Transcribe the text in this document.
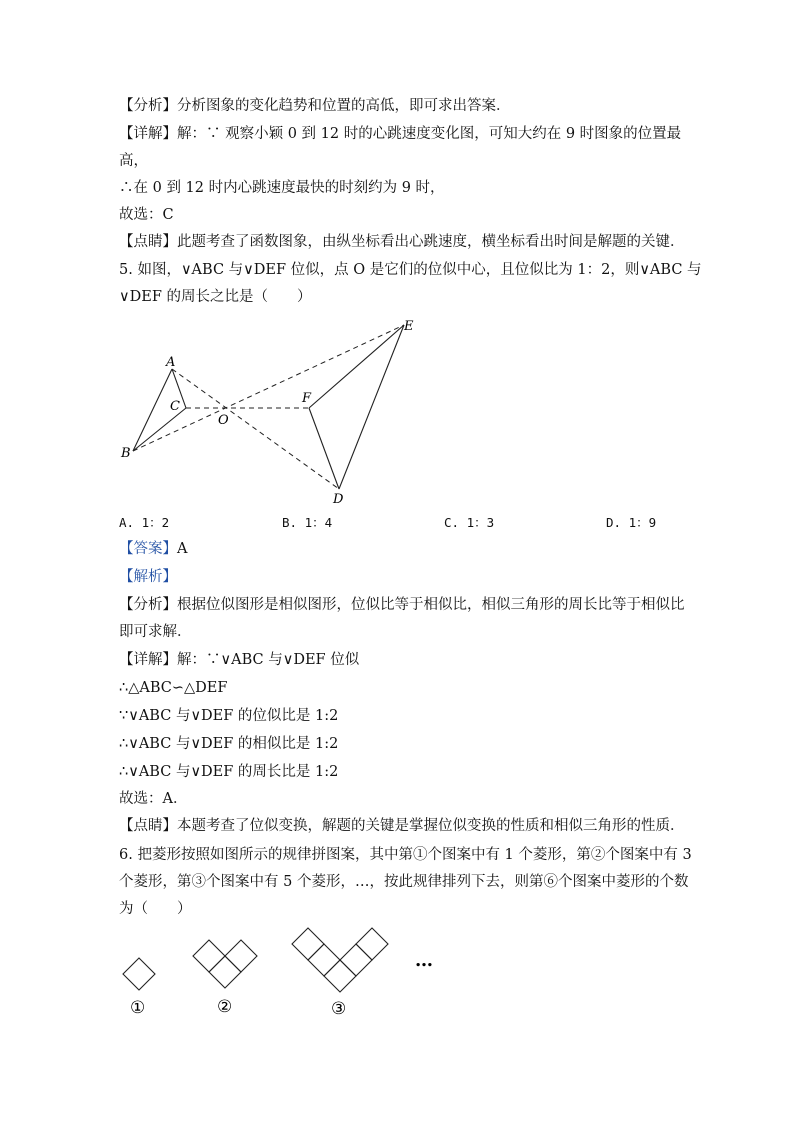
【分析】分析图象的变化趋势和位置的高低，即可求出答案．
【详解】解：∵ 观察小颖 0 到 12 时的心跳速度变化图，可知大约在 9 时图象的位置最
高，
∴在 0 到 12 时内心跳速度最快的时刻约为 9 时，
故选：C
【点睛】此题考查了函数图象，由纵坐标看出心跳速度，横坐标看出时间是解题的关键．
5. 如图，∨ABC 与∨DEF 位似，点 O 是它们的位似中心，且位似比为 1：2，则∨ABC 与
∨DEF 的周长之比是（　　）
A
B
C
O
D
E
F
A. 1：2	B. 1：4	C. 1：3	D. 1：9
【答案】A
【解析】
【分析】根据位似图形是相似图形，位似比等于相似比，相似三角形的周长比等于相似比
即可求解．
【详解】解：∵∨ABC 与∨DEF 位似
∴△ABC∽△DEF
∵∨ABC 与∨DEF 的位似比是 1:2
∴∨ABC 与∨DEF 的相似比是 1:2
∴∨ABC 与∨DEF 的周长比是 1:2
故选：A．
【点睛】本题考查了位似变换，解题的关键是掌握位似变换的性质和相似三角形的性质．
6. 把菱形按照如图所示的规律拼图案，其中第①个图案中有 1 个菱形，第②个图案中有 3
个菱形，第③个图案中有 5 个菱形，…，按此规律排列下去，则第⑥个图案中菱形的个数
为（　　）
…
①	②	③
